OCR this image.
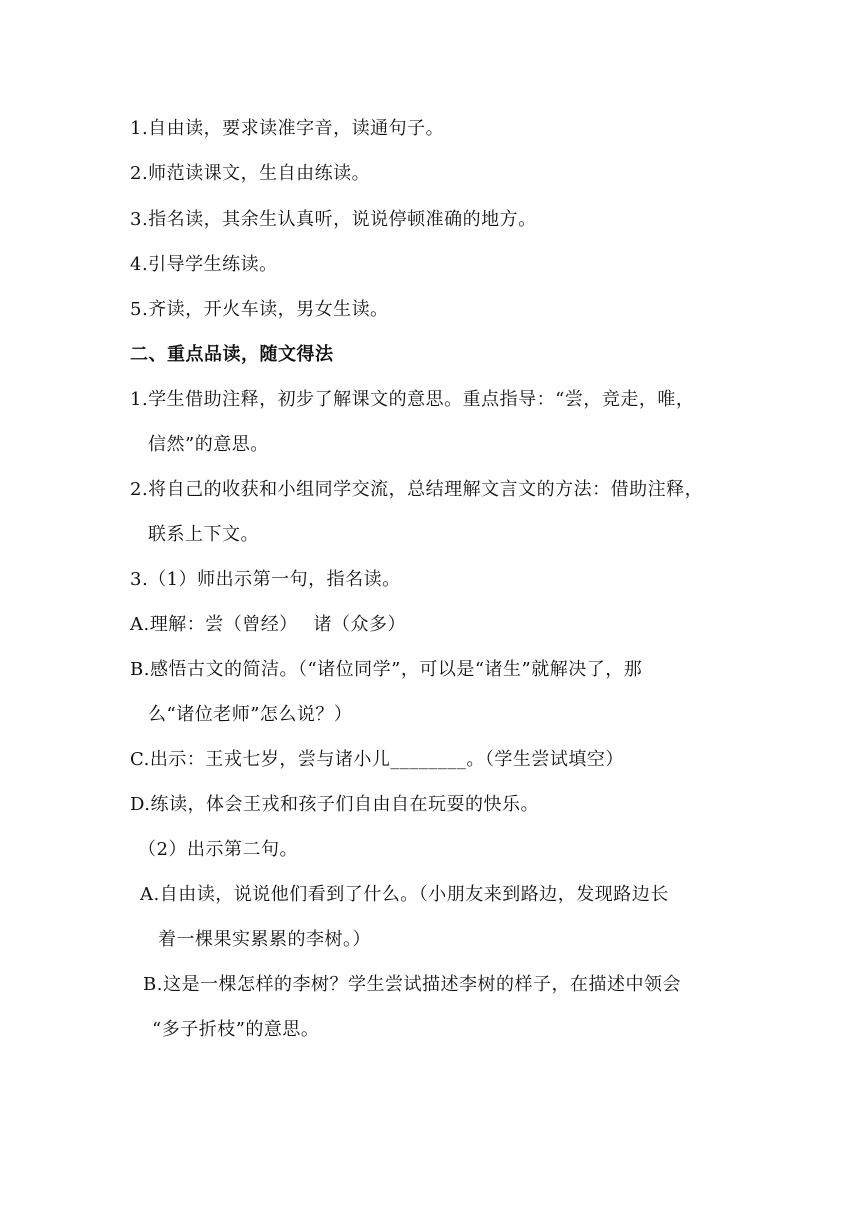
1.自由读，要求读准字音，读通句子。
2.师范读课文，生自由练读。
3.指名读，其余生认真听，说说停顿准确的地方。
4.引导学生练读。
5.齐读，开火车读，男女生读。
二、重点品读，随文得法
1.学生借助注释，初步了解课文的意思。重点指导：“尝，竞走，唯，
信然”的意思。
2.将自己的收获和小组同学交流，总结理解文言文的方法：借助注释，
联系上下文。
3.（1）师出示第一句，指名读。
A.理解：尝（曾经）　 诸（众多）
B.感悟古文的简洁。（“诸位同学”，可以是“诸生”就解决了，那
么“诸位老师”怎么说？）
C.出示：王戎七岁，尝与诸小儿________。（学生尝试填空）
D.练读，体会王戎和孩子们自由自在玩耍的快乐。
（2）出示第二句。
A.自由读，说说他们看到了什么。（小朋友来到路边，发现路边长
着一棵果实累累的李树。）
B.这是一棵怎样的李树？学生尝试描述李树的样子，在描述中领会
“多子折枝”的意思。
